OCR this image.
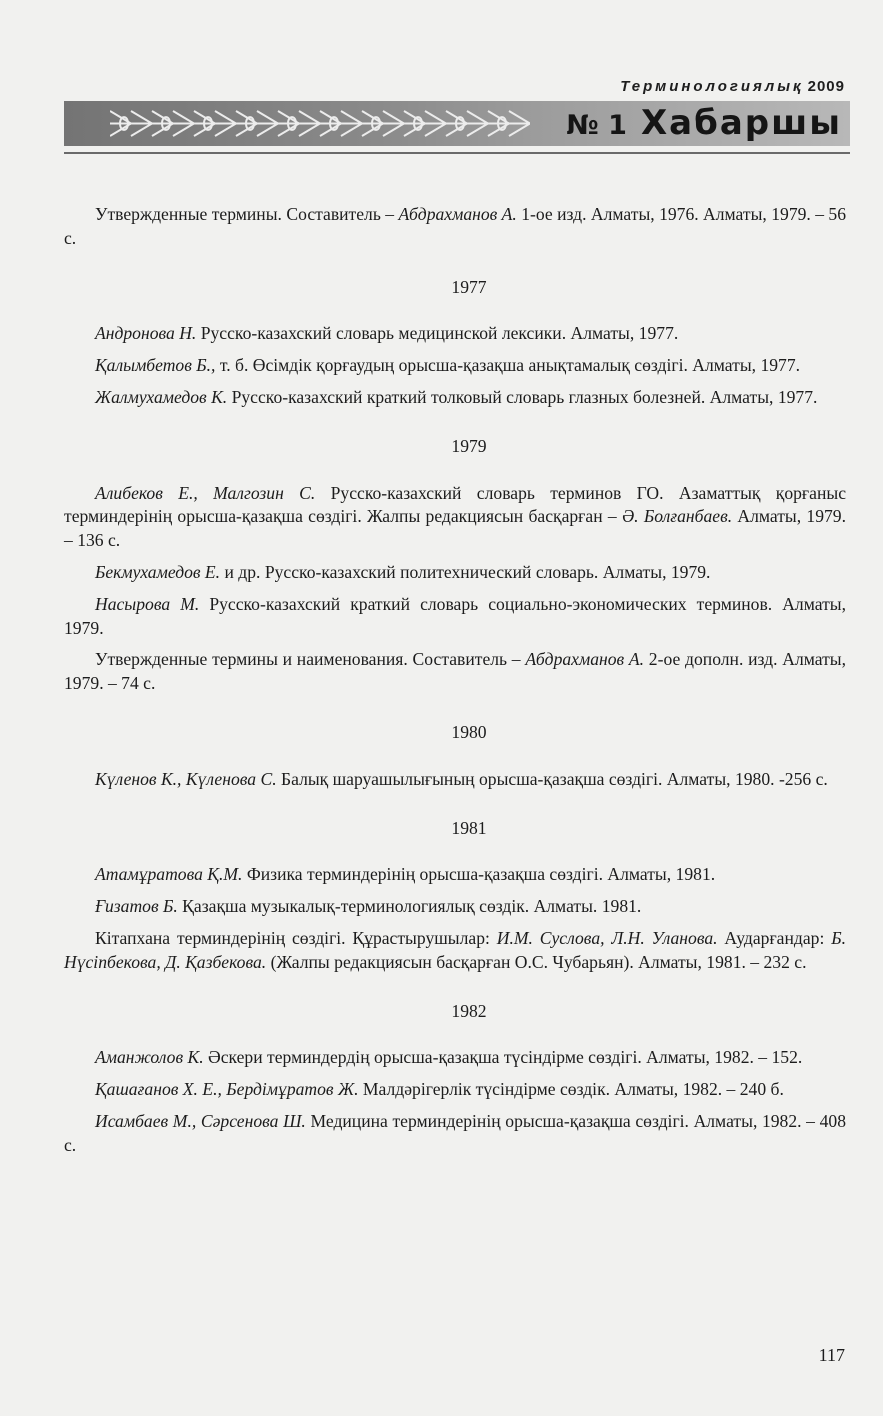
Терминологиялық 2009
№ 1 Хабаршы

Утвержденные термины. Составитель – Абдрахманов А. 1-ое изд. Алматы, 1976. Алматы, 1979. – 56 с.

1977

Андронова Н. Русско-казахский словарь медицинской лексики. Алматы, 1977.

Қалымбетов Б., т. б. Өсімдік қорғаудың орысша-қазақша анықтамалық сөздігі. Алматы, 1977.

Жалмухамедов К. Русско-казахский краткий толковый словарь глазных болезней. Алматы, 1977.

1979

Алибеков Е., Малгозин С. Русско-казахский словарь терминов ГО. Азаматтық қорғаныс терминдерінің орысша-қазақша сөздігі. Жалпы редакциясын басқарған – Ә. Болғанбаев. Алматы, 1979. – 136 с.

Бекмухамедов Е. и др. Русско-казахский политехнический словарь. Алматы, 1979.

Насырова М. Русско-казахский краткий словарь социально-экономических терминов. Алматы, 1979.

Утвержденные термины и наименования. Составитель – Абдрахманов А. 2-ое дополн. изд. Алматы, 1979. – 74 с.

1980

Күленов К., Күленова С. Балық шаруашылығының орысша-қазақша сөздігі. Алматы, 1980. -256 с.

1981

Атамұратова Қ.М. Физика терминдерінің орысша-қазақша сөздігі. Алматы, 1981.

Ғизатов Б. Қазақша музыкалық-терминологиялық сөздік. Алматы. 1981.

Кітапхана терминдерінің сөздігі. Құрастырушылар: И.М. Суслова, Л.Н. Уланова. Аударғандар: Б. Нүсіпбекова, Д. Қазбекова. (Жалпы редакциясын басқарған О.С. Чубарьян). Алматы, 1981. – 232 с.

1982

Аманжолов К. Әскери терминдердің орысша-қазақша түсіндірме сөздігі. Алматы, 1982. – 152.

Қашағанов Х. Е., Бердімұратов Ж. Малдәрігерлік түсіндірме сөздік. Алматы, 1982. – 240 б.

Исамбаев М., Сәрсенова Ш. Медицина терминдерінің орысша-қазақша сөздігі. Алматы, 1982. – 408 с.

117
